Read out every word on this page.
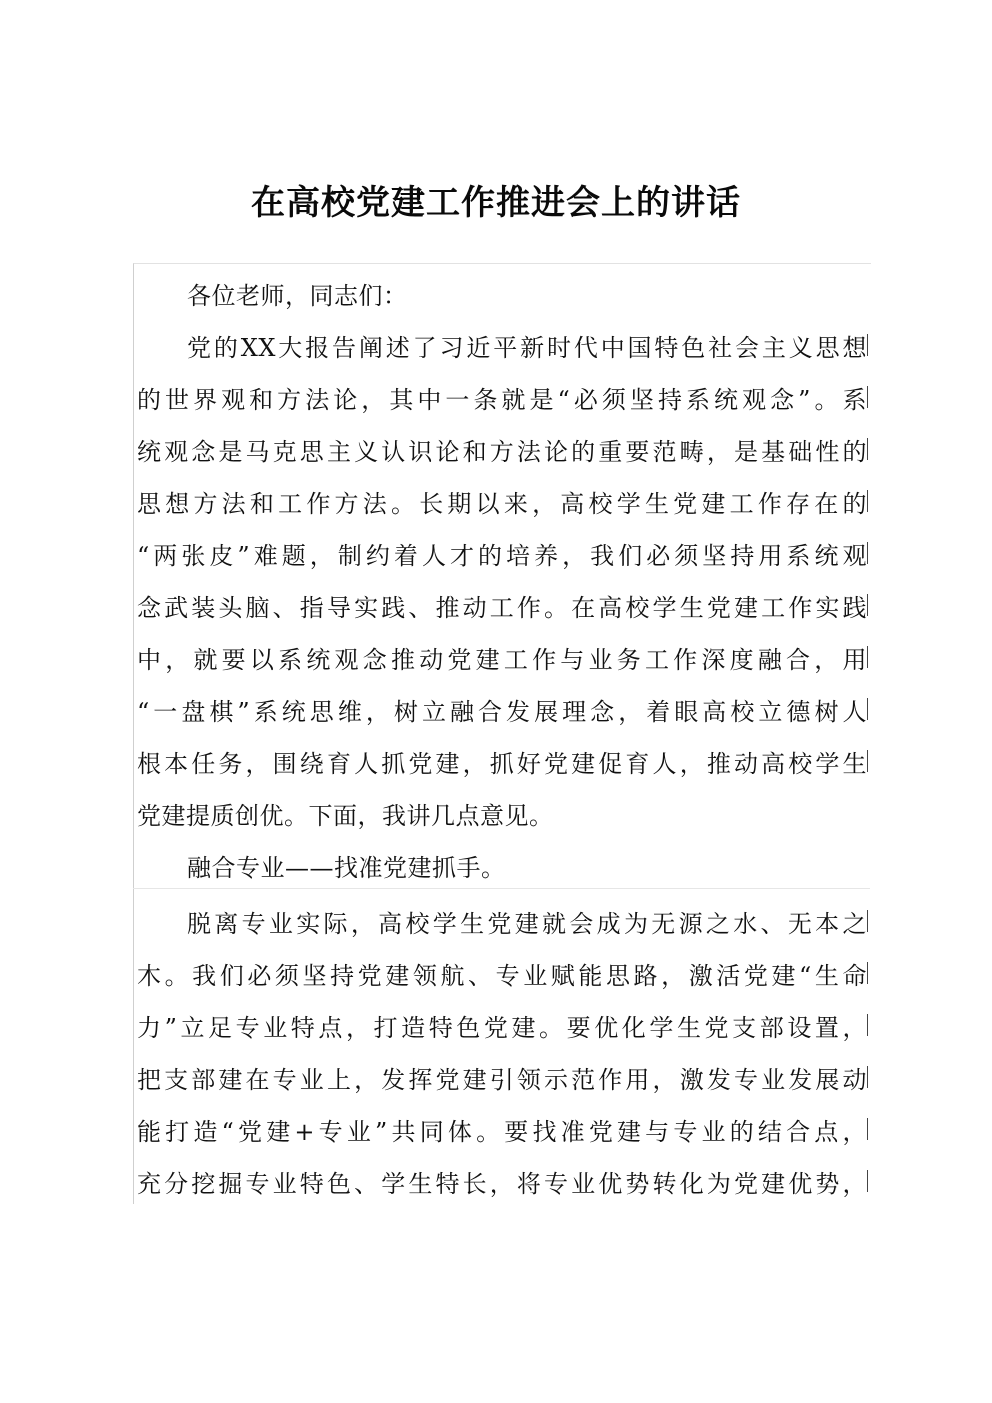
在高校党建工作推进会上的讲话
各位老师，同志们：
党的XX大报告阐述了习近平新时代中国特色社会主义思想
的世界观和方法论，其中一条就是“必须坚持系统观念”。系
统观念是马克思主义认识论和方法论的重要范畴，是基础性的
思想方法和工作方法。长期以来，高校学生党建工作存在的
“两张皮”难题，制约着人才的培养，我们必须坚持用系统观
念武装头脑、指导实践、推动工作。在高校学生党建工作实践
中，就要以系统观念推动党建工作与业务工作深度融合，用
“一盘棋”系统思维，树立融合发展理念，着眼高校立德树人
根本任务，围绕育人抓党建，抓好党建促育人，推动高校学生
党建提质创优。下面，我讲几点意见。
融合专业——找准党建抓手。
脱离专业实际，高校学生党建就会成为无源之水、无本之
木。我们必须坚持党建领航、专业赋能思路，激活党建“生命
力”立足专业特点，打造特色党建。要优化学生党支部设置，
把支部建在专业上，发挥党建引领示范作用，激发专业发展动
能打造“党建+专业”共同体。要找准党建与专业的结合点，
充分挖掘专业特色、学生特长，将专业优势转化为党建优势，
